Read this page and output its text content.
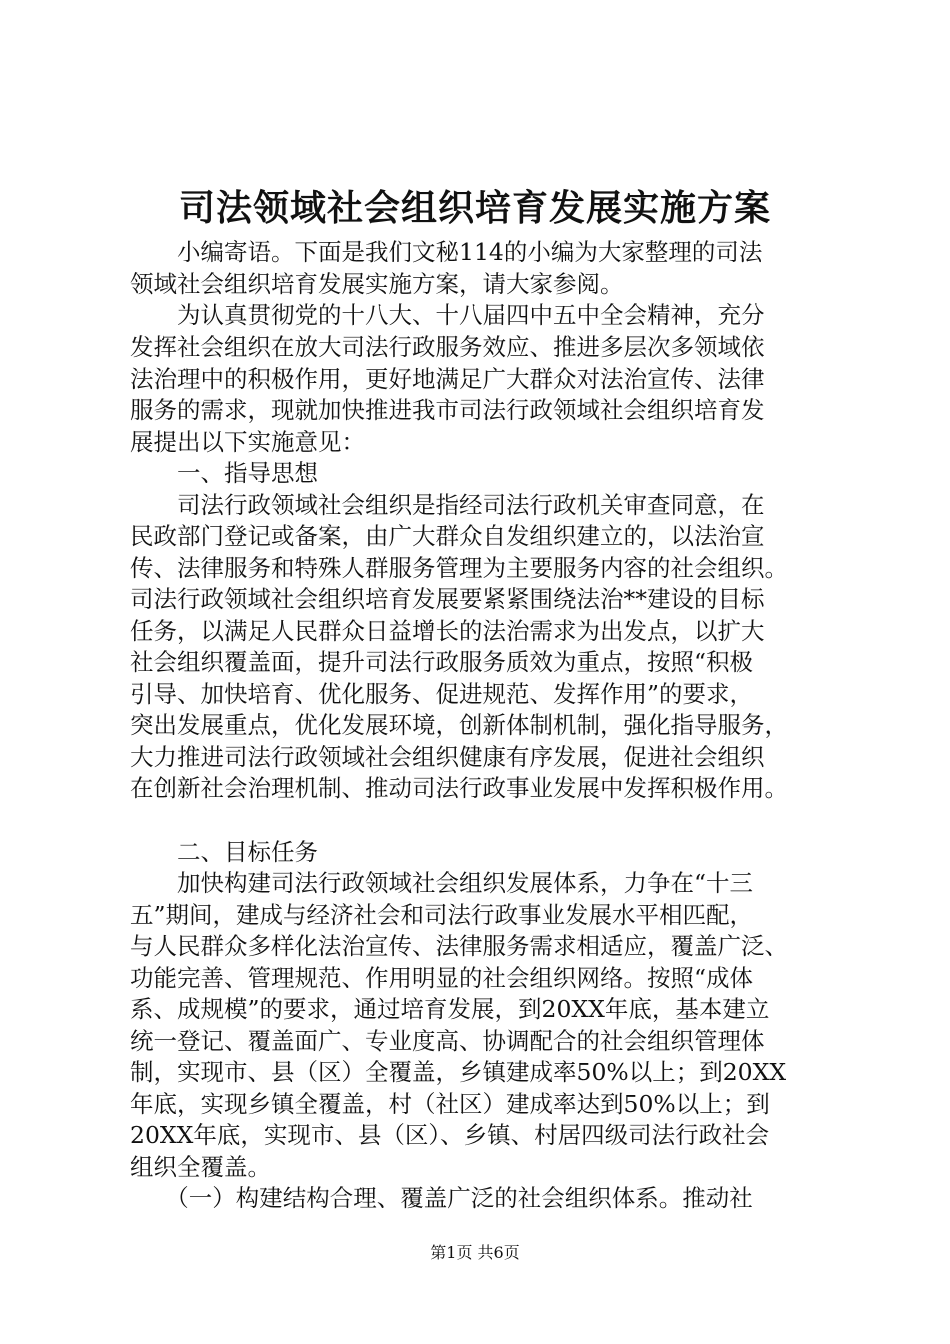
司法领域社会组织培育发展实施方案
　　小编寄语。下面是我们文秘114的小编为大家整理的司法
领域社会组织培育发展实施方案，请大家参阅。
　　为认真贯彻党的十八大、十八届四中五中全会精神，充分
发挥社会组织在放大司法行政服务效应、推进多层次多领域依
法治理中的积极作用，更好地满足广大群众对法治宣传、法律
服务的需求，现就加快推进我市司法行政领域社会组织培育发
展提出以下实施意见：
　　一、指导思想
　　司法行政领域社会组织是指经司法行政机关审查同意，在
民政部门登记或备案，由广大群众自发组织建立的，以法治宣
传、法律服务和特殊人群服务管理为主要服务内容的社会组织。
司法行政领域社会组织培育发展要紧紧围绕法治**建设的目标
任务，以满足人民群众日益增长的法治需求为出发点，以扩大
社会组织覆盖面，提升司法行政服务质效为重点，按照“积极
引导、加快培育、优化服务、促进规范、发挥作用”的要求，
突出发展重点，优化发展环境，创新体制机制，强化指导服务，
大力推进司法行政领域社会组织健康有序发展，促进社会组织
在创新社会治理机制、推动司法行政事业发展中发挥积极作用。
　　二、目标任务
　　加快构建司法行政领域社会组织发展体系，力争在“十三
五”期间，建成与经济社会和司法行政事业发展水平相匹配，
与人民群众多样化法治宣传、法律服务需求相适应，覆盖广泛、
功能完善、管理规范、作用明显的社会组织网络。按照“成体
系、成规模”的要求，通过培育发展，到20XX年底，基本建立
统一登记、覆盖面广、专业度高、协调配合的社会组织管理体
制，实现市、县（区）全覆盖，乡镇建成率50%以上；到20XX
年底，实现乡镇全覆盖，村（社区）建成率达到50%以上；到
20XX年底，实现市、县（区）、乡镇、村居四级司法行政社会
组织全覆盖。
　　（一）构建结构合理、覆盖广泛的社会组织体系。推动社
第1页 共6页
